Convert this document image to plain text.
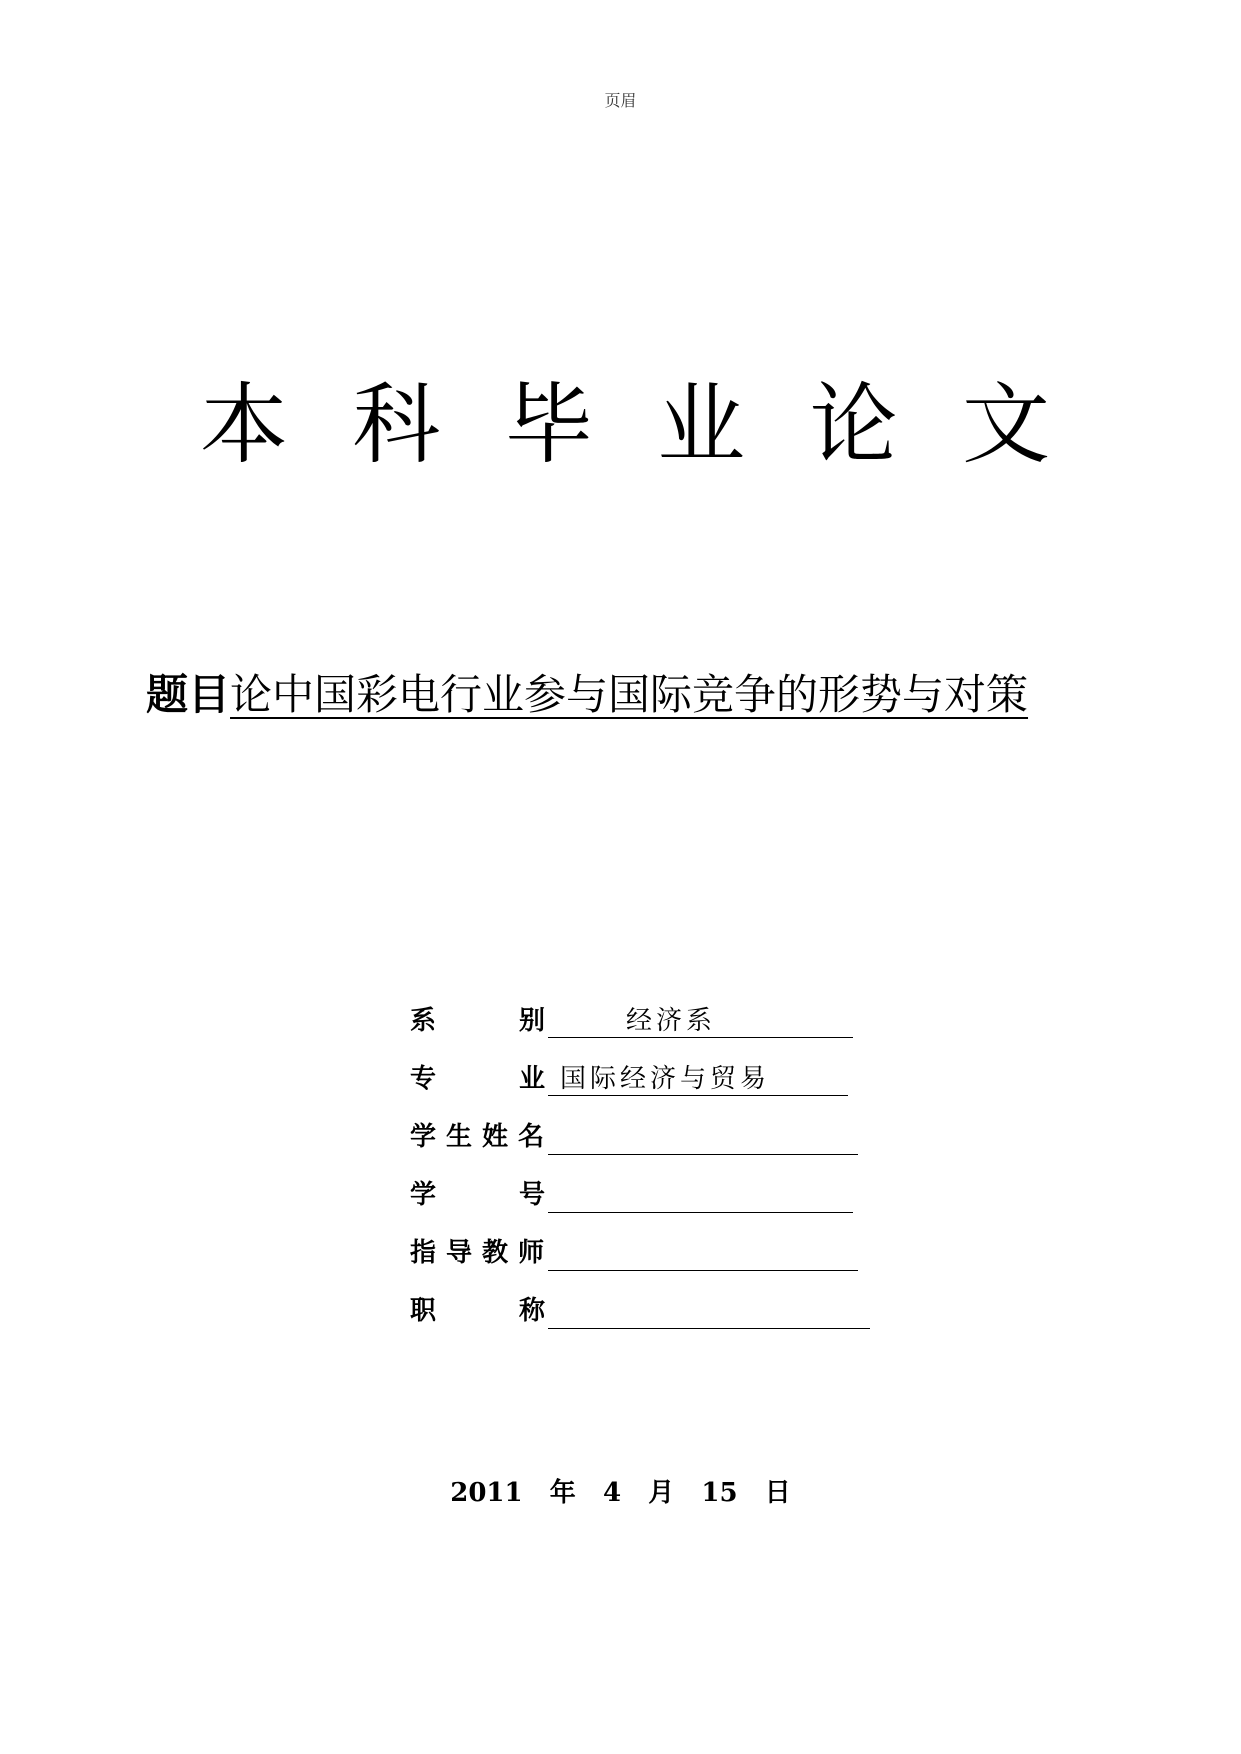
页眉
本 科 毕 业 论 文
题目论中国彩电行业参与国际竞争的形势与对策
系	别	经济系
专	业 国际经济与贸易
学生姓名
学	号
指导教师
职	称
2011 年 4 月 15 日
